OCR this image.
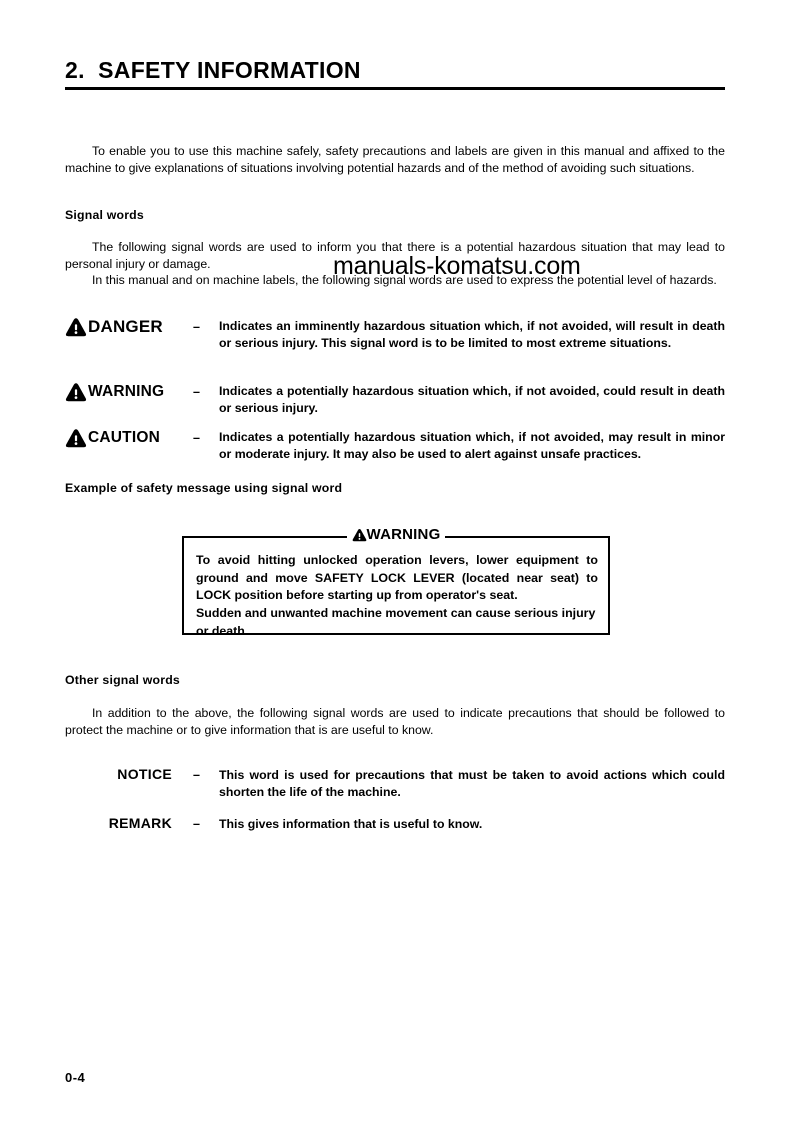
2.  SAFETY INFORMATION
To enable you to use this machine safely, safety precautions and labels are given in this manual and affixed to the machine to give explanations of situations involving potential hazards and of the method of avoiding such situations.
Signal words
The following signal words are used to inform you that there is a potential hazardous situation that may lead to personal injury or damage.
In this manual and on machine labels, the following signal words are used to express the potential level of hazards.
manuals-komatsu.com
DANGER – Indicates an imminently hazardous situation which, if not avoided, will result in death or serious injury. This signal word is to be limited to most extreme situations.
WARNING – Indicates a potentially hazardous situation which, if not avoided, could result in death or serious injury.
CAUTION	– Indicates a potentially hazardous situation which, if not avoided, may result in minor or moderate injury. It may also be used to alert against unsafe practices.
Example of safety message using signal word
WARNING
To avoid hitting unlocked operation levers, lower equipment to ground and move SAFETY LOCK LEVER (located near seat) to LOCK position before starting up from operator's seat.
Sudden and unwanted machine movement can cause serious injury or death.
Other signal words
In addition to the above, the following signal words are used to indicate precautions that should be followed to protect the machine or to give information that is are useful to know.
NOTICE – This word is used for precautions that must be taken to avoid actions which could shorten the life of the machine.
REMARK – This gives information that is useful to know.
0-4
